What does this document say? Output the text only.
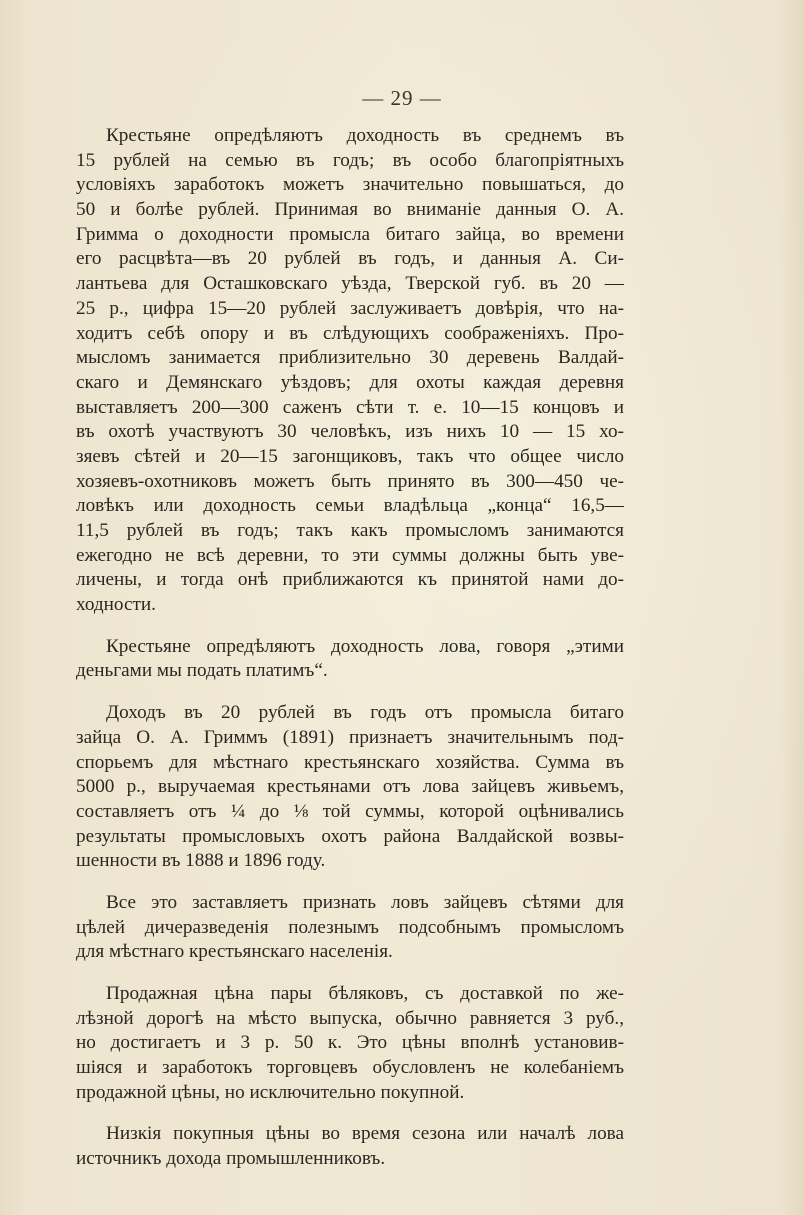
— 29 —

Крестьяне опредѣляютъ доходность въ среднемъ въ
15 рублей на семью въ годъ; въ особо благопріятныхъ
условіяхъ заработокъ можетъ значительно повышаться, до
50 и болѣе рублей. Принимая во вниманіе данныя О. А.
Гримма о доходности промысла битаго зайца, во времени
его расцвѣта—въ 20 рублей въ годъ, и данныя А. Си-
лантьева для Осташковскаго уѣзда, Тверской губ. въ 20 —
25 р., цифра 15—20 рублей заслуживаетъ довѣрія, что на-
ходитъ себѣ опору и въ слѣдующихъ соображеніяхъ. Про-
мысломъ занимается приблизительно 30 деревень Валдай-
скаго и Демянскаго уѣздовъ; для охоты каждая деревня
выставляетъ 200—300 саженъ сѣти т. е. 10—15 концовъ и
въ охотѣ участвуютъ 30 человѣкъ, изъ нихъ 10 — 15 хо-
зяевъ сѣтей и 20—15 загонщиковъ, такъ что общее число
хозяевъ-охотниковъ можетъ быть принято въ 300—450 че-
ловѣкъ или доходность семьи владѣльца „конца“ 16,5—
11,5 рублей въ годъ; такъ какъ промысломъ занимаются
ежегодно не всѣ деревни, то эти суммы должны быть уве-
личены, и тогда онѣ приближаются къ принятой нами до-
ходности.

Крестьяне опредѣляютъ доходность лова, говоря „этими
деньгами мы подать платимъ“.

Доходъ въ 20 рублей въ годъ отъ промысла битаго
зайца О. А. Гриммъ (1891) признаетъ значительнымъ под-
спорьемъ для мѣстнаго крестьянскаго хозяйства. Сумма въ
5000 р., выручаемая крестьянами отъ лова зайцевъ живьемъ,
составляетъ отъ ¼ до ⅛ той суммы, которой оцѣнивались
результаты промысловыхъ охотъ района Валдайской возвы-
шенности въ 1888 и 1896 году.

Все это заставляетъ признать ловъ зайцевъ сѣтями для
цѣлей дичеразведенія полезнымъ подсобнымъ промысломъ
для мѣстнаго крестьянскаго населенія.

Продажная цѣна пары бѣляковъ, съ доставкой по же-
лѣзной дорогѣ на мѣсто выпуска, обычно равняется 3 руб.,
но достигаетъ и 3 р. 50 к. Это цѣны вполнѣ установив-
шіяся и заработокъ торговцевъ обусловленъ не колебаніемъ
продажной цѣны, но исключительно покупной.

Низкія покупныя цѣны во время сезона или началѣ лова
источникъ дохода промышленниковъ.
